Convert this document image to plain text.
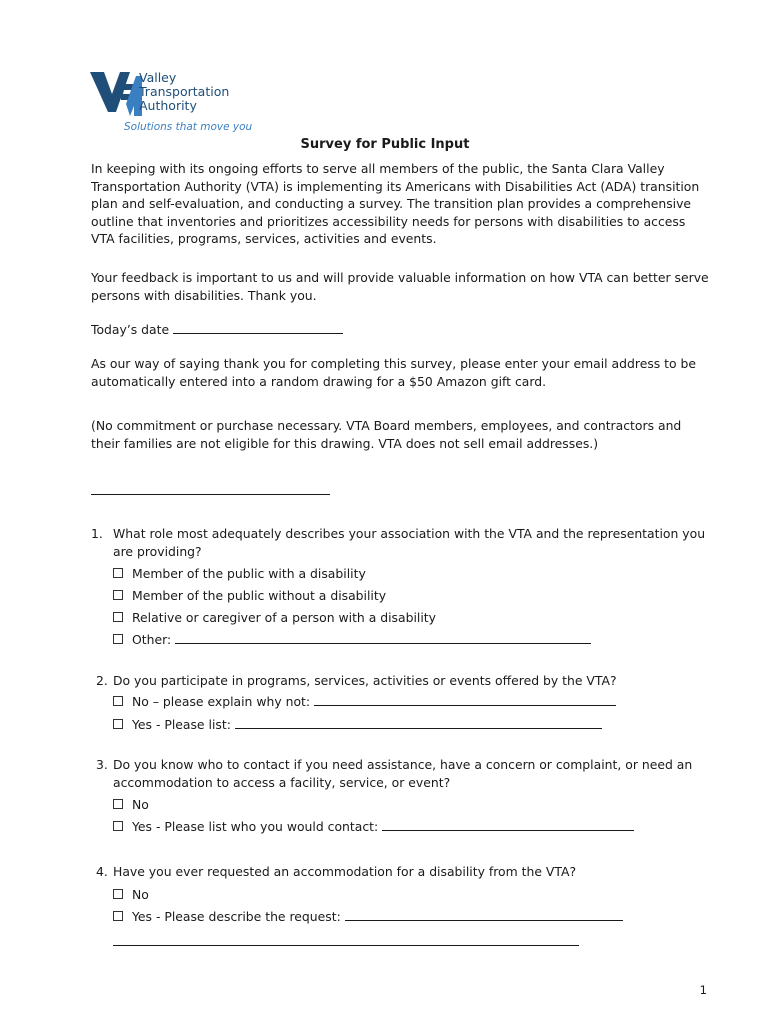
Valley
Transportation
Authority
Solutions that move you
Survey for Public Input
In keeping with its ongoing efforts to serve all members of the public, the Santa Clara Valley Transportation Authority (VTA) is implementing its Americans with Disabilities Act (ADA) transition plan and self-evaluation, and conducting a survey. The transition plan provides a comprehensive outline that inventories and prioritizes accessibility needs for persons with disabilities to access VTA facilities, programs, services, activities and events.
Your feedback is important to us and will provide valuable information on how VTA can better serve persons with disabilities. Thank you.
Today’s date
As our way of saying thank you for completing this survey, please enter your email address to be automatically entered into a random drawing for a $50 Amazon gift card.
(No commitment or purchase necessary. VTA Board members, employees, and contractors and their families are not eligible for this drawing. VTA does not sell email addresses.)
1. What role most adequately describes your association with the VTA and the representation you are providing?
Member of the public with a disability
Member of the public without a disability
Relative or caregiver of a person with a disability
Other:
2. Do you participate in programs, services, activities or events offered by the VTA?
No – please explain why not:
Yes - Please list:
3. Do you know who to contact if you need assistance, have a concern or complaint, or need an accommodation to access a facility, service, or event?
No
Yes - Please list who you would contact:
4. Have you ever requested an accommodation for a disability from the VTA?
No
Yes - Please describe the request:
1
